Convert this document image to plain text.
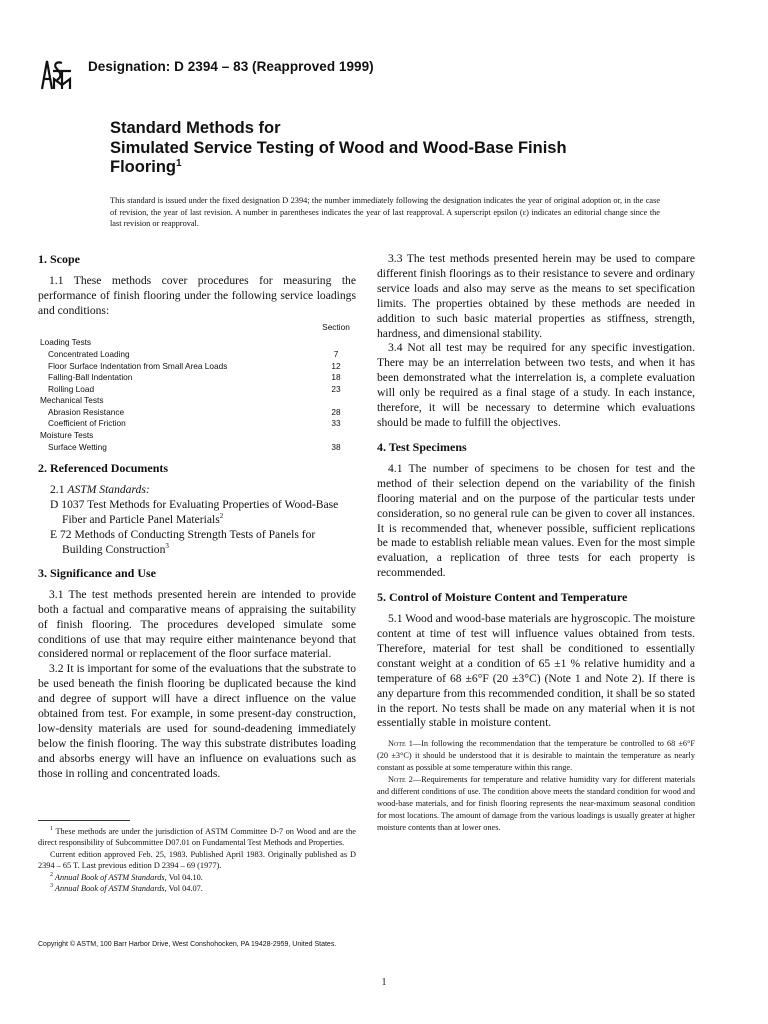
Designation: D 2394 – 83 (Reapproved 1999)
Standard Methods for
Simulated Service Testing of Wood and Wood-Base Finish
Flooring$^1$

This standard is issued under the fixed designation D 2394; the number immediately following the designation indicates the year of original adoption or, in the case of revision, the year of last revision. A number in parentheses indicates the year of last reapproval. A superscript epsilon (ε) indicates an editorial change since the last revision or reapproval.

1. Scope

1.1 These methods cover procedures for measuring the performance of finish flooring under the following service loadings and conditions:

Section
Loading Tests
Concentrated Loading	7
Floor Surface Indentation from Small Area Loads	12
Falling-Ball Indentation	18
Rolling Load	23
Mechanical Tests
Abrasion Resistance	28
Coefficient of Friction	33
Moisture Tests
Surface Wetting	38
2. Referenced Documents
2.1 ASTM Standards:

D 1037 Test Methods for Evaluating Properties of Wood-Base Fiber and Particle Panel Materials$^2$

E 72 Methods of Conducting Strength Tests of Panels for Building Construction$^3$

3. Significance and Use

3.1 The test methods presented herein are intended to provide both a factual and comparative means of appraising the suitability of finish flooring. The procedures developed simulate some conditions of use that may require either maintenance beyond that considered normal or replacement of the floor surface material.

3.2 It is important for some of the evaluations that the substrate to be used beneath the finish flooring be duplicated because the kind and degree of support will have a direct influence on the value obtained from test. For example, in some present-day construction, low-density materials are used for sound-deadening immediately below the finish flooring. The way this substrate distributes loading and absorbs energy will have an influence on evaluations such as those in rolling and concentrated loads.

$^1$ These methods are under the jurisdiction of ASTM Committee D-7 on Wood and are the direct responsibility of Subcommittee D07.01 on Fundamental Test Methods and Properties.

Current edition approved Feb. 25, 1983. Published April 1983. Originally published as D 2394 – 65 T. Last previous edition D 2394 – 69 (1977).

$^2$ Annual Book of ASTM Standards, Vol 04.10.

$^3$ Annual Book of ASTM Standards, Vol 04.07.

3.3 The test methods presented herein may be used to compare different finish floorings as to their resistance to severe and ordinary service loads and also may serve as the means to set specification limits. The properties obtained by these methods are needed in addition to such basic material properties as stiffness, strength, hardness, and dimensional stability.

3.4 Not all test may be required for any specific investigation. There may be an interrelation between two tests, and when it has been demonstrated what the interrelation is, a complete evaluation will only be required as a final stage of a study. In each instance, therefore, it will be necessary to determine which evaluations should be made to fulfill the objectives.

4. Test Specimens

4.1 The number of specimens to be chosen for test and the method of their selection depend on the variability of the finish flooring material and on the purpose of the particular tests under consideration, so no general rule can be given to cover all instances. It is recommended that, whenever possible, sufficient replications be made to establish reliable mean values. Even for the most simple evaluation, a replication of three tests for each property is recommended.

5. Control of Moisture Content and Temperature

5.1 Wood and wood-base materials are hygroscopic. The moisture content at time of test will influence values obtained from tests. Therefore, material for test shall be conditioned to essentially constant weight at a condition of 65 ±1 % relative humidity and a temperature of 68 ±6°F (20 ±3°C) (Note 1 and Note 2). If there is any departure from this recommended condition, it shall be so stated in the report. No tests shall be made on any material when it is not essentially stable in moisture content.

Note 1—In following the recommendation that the temperature be controlled to 68 ±6°F (20 ±3°C) it should be understood that it is desirable to maintain the temperature as nearly constant as possible at some temperature within this range.

Note 2—Requirements for temperature and relative humidity vary for different materials and different conditions of use. The condition above meets the standard condition for wood and wood-base materials, and for finish flooring represents the near-maximum seasonal condition for most locations. The amount of damage from the various loadings is usually greater at higher moisture contents than at lower ones.

Copyright © ASTM, 100 Barr Harbor Drive, West Conshohocken, PA 19428-2959, United States.
1
